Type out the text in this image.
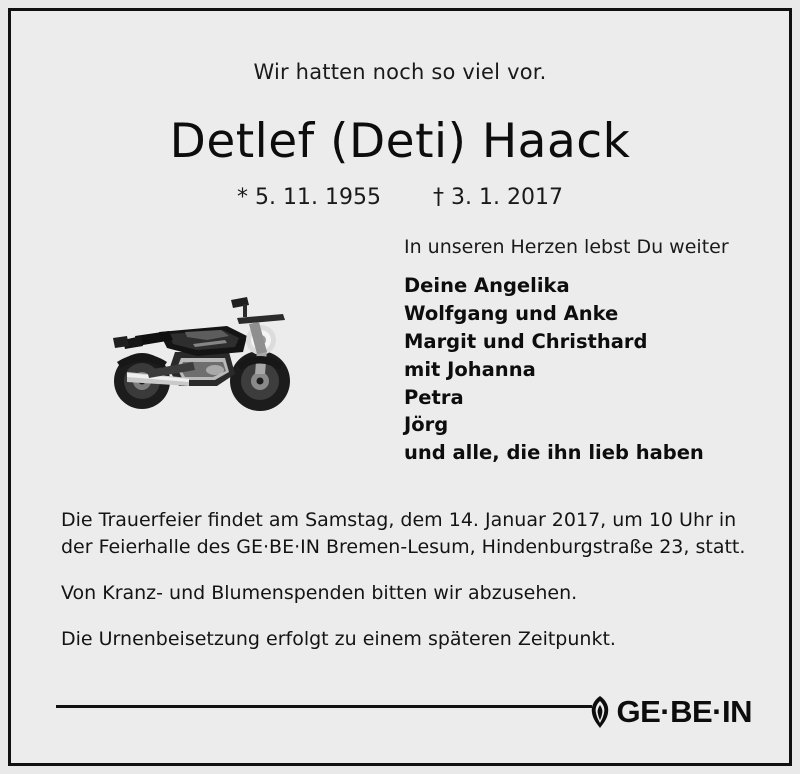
Wir hatten noch so viel vor.
Detlef (Deti) Haack
* 5. 11. 1955 † 3. 1. 2017
In unseren Herzen lebst Du weiter
Deine Angelika
Wolfgang und Anke
Margit und Christhard
mit Johanna
Petra
Jörg
und alle, die ihn lieb haben
Die Trauerfeier findet am Samstag, dem 14. Januar 2017, um 10 Uhr in der Feierhalle des GE·BE·IN Bremen-Lesum, Hindenburgstraße 23, statt.
Von Kranz- und Blumenspenden bitten wir abzusehen.
Die Urnenbeisetzung erfolgt zu einem späteren Zeitpunkt.
GE·BE·IN
